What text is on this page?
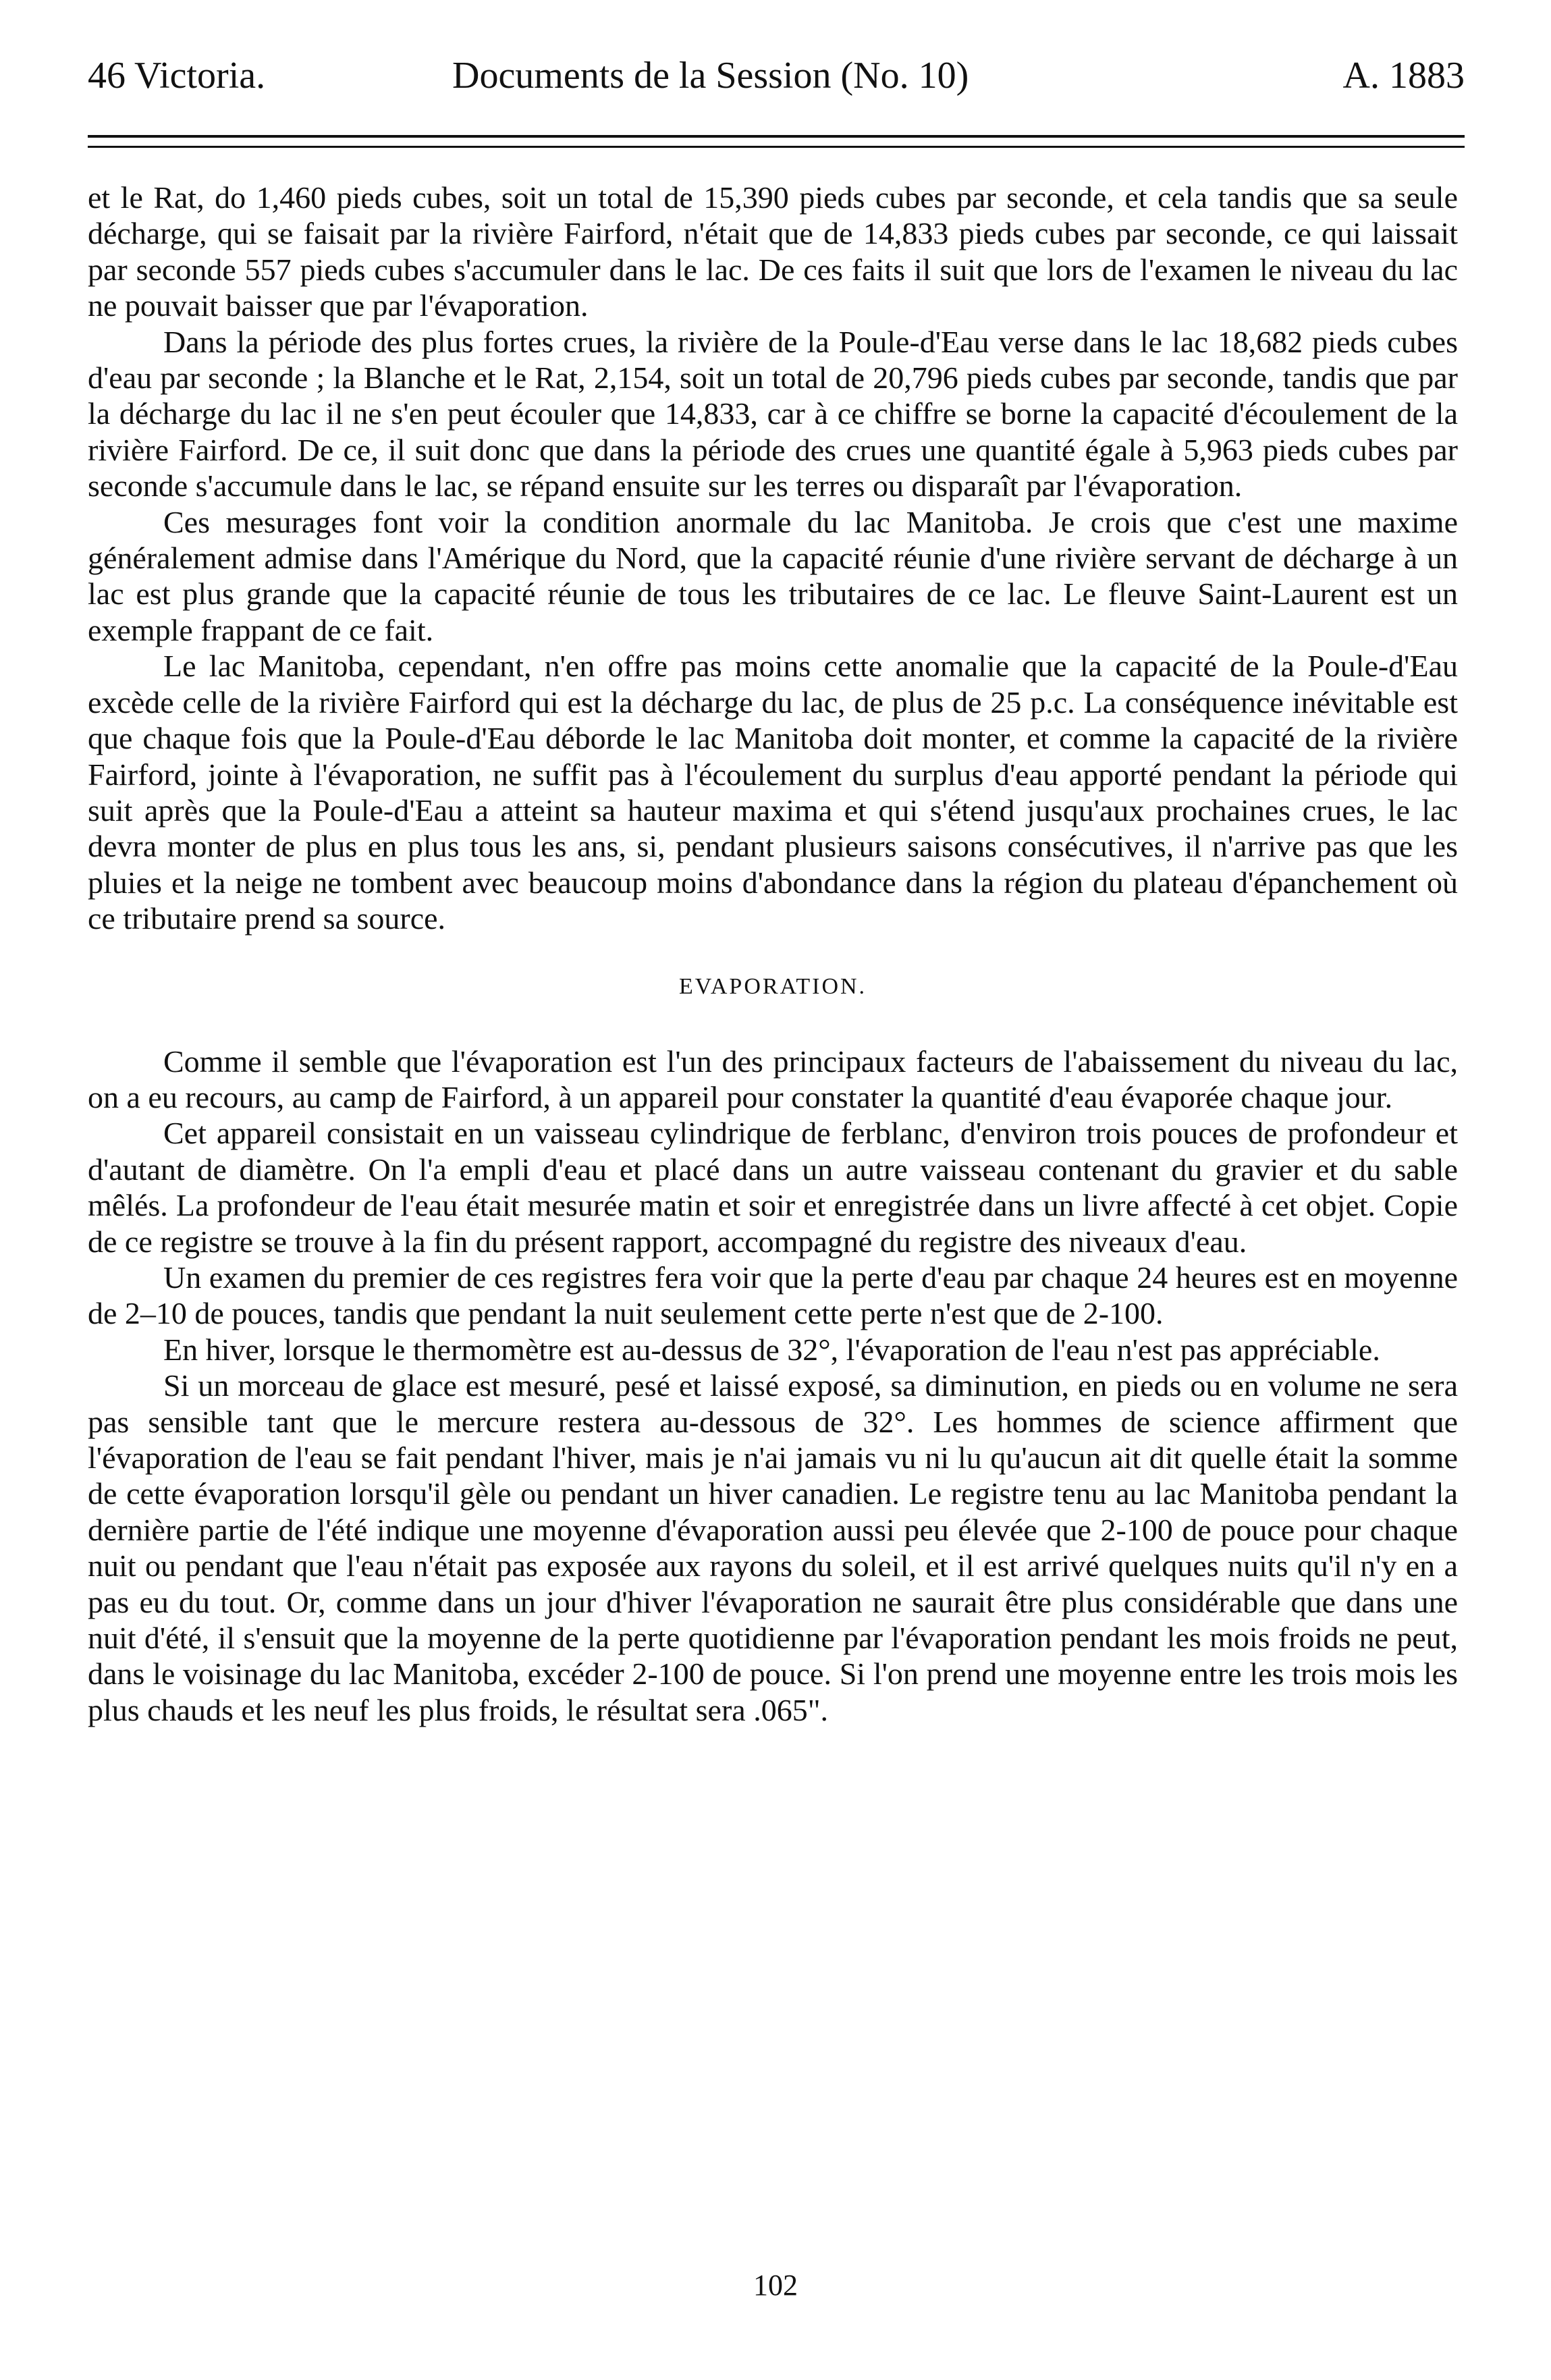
46 Victoria.	Documents de la Session (No. 10)	A. 1883

et le Rat, do 1,460 pieds cubes, soit un total de 15,390 pieds cubes par seconde, et cela tandis que sa seule décharge, qui se faisait par la rivière Fairford, n'était que de 14,833 pieds cubes par seconde, ce qui laissait par seconde 557 pieds cubes s'accumuler dans le lac. De ces faits il suit que lors de l'examen le niveau du lac ne pouvait baisser que par l'évaporation.

Dans la période des plus fortes crues, la rivière de la Poule-d'Eau verse dans le lac 18,682 pieds cubes d'eau par seconde ; la Blanche et le Rat, 2,154, soit un total de 20,796 pieds cubes par seconde, tandis que par la décharge du lac il ne s'en peut écouler que 14,833, car à ce chiffre se borne la capacité d'écoulement de la rivière Fairford. De ce, il suit donc que dans la période des crues une quantité égale à 5,963 pieds cubes par seconde s'accumule dans le lac, se répand ensuite sur les terres ou disparaît par l'évaporation.

Ces mesurages font voir la condition anormale du lac Manitoba. Je crois que c'est une maxime généralement admise dans l'Amérique du Nord, que la capacité réunie d'une rivière servant de décharge à un lac est plus grande que la capacité réunie de tous les tributaires de ce lac. Le fleuve Saint-Laurent est un exemple frappant de ce fait.

Le lac Manitoba, cependant, n'en offre pas moins cette anomalie que la capacité de la Poule-d'Eau excède celle de la rivière Fairford qui est la décharge du lac, de plus de 25 p.c. La conséquence inévitable est que chaque fois que la Poule-d'Eau déborde le lac Manitoba doit monter, et comme la capacité de la rivière Fairford, jointe à l'évaporation, ne suffit pas à l'écoulement du surplus d'eau apporté pendant la période qui suit après que la Poule-d'Eau a atteint sa hauteur maxima et qui s'étend jusqu'aux prochaines crues, le lac devra monter de plus en plus tous les ans, si, pendant plusieurs saisons consécutives, il n'arrive pas que les pluies et la neige ne tombent avec beaucoup moins d'abondance dans la région du plateau d'épanchement où ce tributaire prend sa source.

EVAPORATION.

Comme il semble que l'évaporation est l'un des principaux facteurs de l'abaissement du niveau du lac, on a eu recours, au camp de Fairford, à un appareil pour constater la quantité d'eau évaporée chaque jour.

Cet appareil consistait en un vaisseau cylindrique de ferblanc, d'environ trois pouces de profondeur et d'autant de diamètre. On l'a empli d'eau et placé dans un autre vaisseau contenant du gravier et du sable mêlés. La profondeur de l'eau était mesurée matin et soir et enregistrée dans un livre affecté à cet objet. Copie de ce registre se trouve à la fin du présent rapport, accompagné du registre des niveaux d'eau.

Un examen du premier de ces registres fera voir que la perte d'eau par chaque 24 heures est en moyenne de 2–10 de pouces, tandis que pendant la nuit seulement cette perte n'est que de 2-100.

En hiver, lorsque le thermomètre est au-dessus de 32°, l'évaporation de l'eau n'est pas appréciable.

Si un morceau de glace est mesuré, pesé et laissé exposé, sa diminution, en pieds ou en volume ne sera pas sensible tant que le mercure restera au-dessous de 32°. Les hommes de science affirment que l'évaporation de l'eau se fait pendant l'hiver, mais je n'ai jamais vu ni lu qu'aucun ait dit quelle était la somme de cette évaporation lorsqu'il gèle ou pendant un hiver canadien. Le registre tenu au lac Manitoba pendant la dernière partie de l'été indique une moyenne d'évaporation aussi peu élevée que 2-100 de pouce pour chaque nuit ou pendant que l'eau n'était pas exposée aux rayons du soleil, et il est arrivé quelques nuits qu'il n'y en a pas eu du tout. Or, comme dans un jour d'hiver l'évaporation ne saurait être plus considérable que dans une nuit d'été, il s'ensuit que la moyenne de la perte quotidienne par l'évaporation pendant les mois froids ne peut, dans le voisinage du lac Manitoba, excéder 2-100 de pouce. Si l'on prend une moyenne entre les trois mois les plus chauds et les neuf les plus froids, le résultat sera .065".

102
